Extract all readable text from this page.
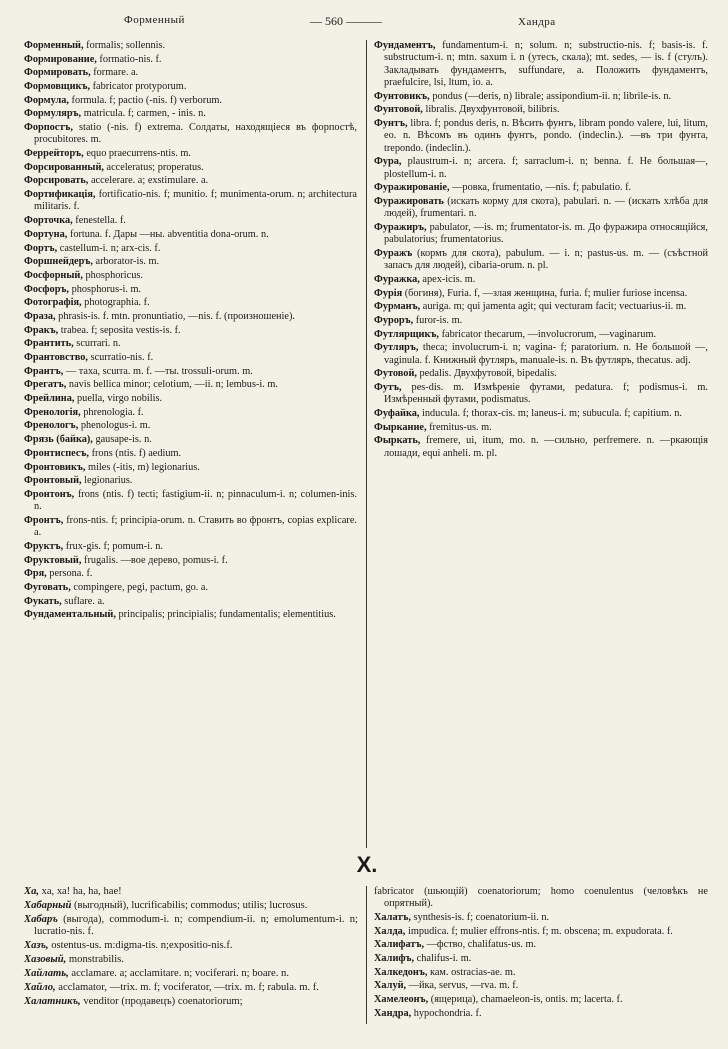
Форменный	— 560 ———	Хандра

Форменный, formalis; sollennis.

Формирование, formatio-nis. f.

Формировать, formare. a.

Формовщикъ, fabricator protyporum.

Формула, formula. f; pactio (-nis. f) verborum.

Формуляръ, matricula. f; carmen, - inis. n.

Форпостъ, statio (-nis. f) extrema. Солдаты, находящіеся въ форпостѣ, procubitores. m.

Феррейторъ, equo praecurrens-ntis. m.

Форсированный, acceleratus; properatus.

Форсировать, accelerare. a; exstimulare. a.

Фортификація, fortificatio-nis. f; munitio. f; munimenta-orum. n; architectura militaris. f.

Форточка, fenestella. f.

Фортуна, fortuna. f. Дары —ны. abventitia dona-orum. n.

Фортъ, castellum-i. n; arx-cis. f.

Форшнейдеръ, arborator-is. m.

Фосфорный, phosphoricus.

Фосфоръ, phosphorus-i. m.

Фотографія, photographia. f.

Фраза, phrasis-is. f. mtn. pronuntiatio, —nis. f. (произношеніе).

Фракъ, trabea. f; seposita vestis-is. f.

Франтить, scurrari. n.

Франтовство, scurratio-nis. f.

Франтъ, — таха, scurra. m. f. —ты. trossuli-orum. m.

Фрегатъ, navis bellica minor; celotium, —ii. n; lembus-i. m.

Фрейлина, puella, virgo nobilis.

Френологія, phrenologia. f.

Френологъ, phenologus-i. m.

Фрязь (байка), gausape-is. n.

Фронтиспесъ, frons (ntis. f) aedium.

Фронтовикъ, miles (-itis, m) legionarius.

Фронтовый, legionarius.

Фронтонъ, frons (ntis. f) tecti; fastigium-ii. n; pinnaculum-i. n; columen-inis. n.

Фронтъ, frons-ntis. f; principia-orum. n. Ставить во фронтъ, copias explicare. a.

Фруктъ, frux-gis. f; pomum-i. n.

Фруктовый, frugalis. —вое дерево, pomus-i. f.

Фря, persona. f.

Фуговать, compingere, pegi, pactum, go. a.

Фукать, suflare. a.

Фундаментальный, principalis; principialis; fundamentalis; elementitius.

Фундаментъ, fundamentum-i. n; solum. n; substructio-nis. f; basis-is. f. substructum-i. n; mtn. saxum i. n (утесъ, скала); mt. sedes, — is. f (стулъ). Закладывать фундаментъ, suffundare, a. Положить фундаментъ, praefulcire, lsi, ltum, io. a.

Фунтовикъ, pondus (—deris, n) librale; assipondium-ii. n; librile-is. n.

Фунтовой, libralis. Двухфунтовой, bilibris.

Фунтъ, libra. f; pondus deris, n. Вѣсить фунтъ, libram pondo valere, lui, litum, eo. n. Вѣсомъ въ одинъ фунтъ, pondo. (indeclin.). —въ три фунта, trepondo. (indeclin.).

Фура, plaustrum-i. n; arcera. f; sarraclum-i. n; benna. f. Не большая—, plostellum-i. n.

Фуражированіе, —ровка, frumentatio, —nis. f; pabulatio. f.

Фуражировать (искать корму для скота), pabulari. n. — (искать хлѣба для людей), frumentari. n.

Фуражиръ, pabulator, —is. m; frumentator-is. m. До фуражира относящійся, pabulatorius; frumentatorius.

Фуражъ (кормъ для скота), pabulum. — i. n; pastus-us. m. — (съѣстной запасъ для людей), cibaria-orum. n. pl.

Фуражка, apex-icis. m.

Фурія (богиня), Furia. f, —злая женщина, furia. f; mulier furiose incensa.

Фурманъ, auriga. m; qui jamenta agit; qui vecturam facit; vectuarius-ii. m.

Фуроръ, furor-is. m.

Футлярщикъ, fabricator thecarum, —involucrorum, —vaginarum.

Футляръ, theca; involucrum-i. n; vagina- f; paratorium. n. Не большой —, vaginula. f. Книжный футляръ, manuale-is. n. Въ футляръ, thecatus. adj.

Футовой, pedalis. Двухфутовой, bipedalis.

Футъ, pes-dis. m. Измѣреніе футами, pedatura. f; podismus-i. m. Измѣренный футами, podismatus.

Фуфайка, inducula. f; thorax-cis. m; laneus-i. m; subucula. f; capitium. n.

Фыркание, fremitus-us. m.

Фыркать, fremere, ui, itum, mo. n. —сильно, perfremere. n. —ркающія лошади, equi anheli. m. pl.

X.

Ха, ха, ха! ha, ha, hae!

Хабарный (выгодный), lucrificabilis; commodus; utilis; lucrosus.

Хабаръ (выгода), commodum-i. n; compendium-ii. n; emolumentum-i. n; lucratio-nis. f.

Хазъ, ostentus-us. m:digma-tis. n;expositio-nis.f.

Хазовый, monstrabilis.

Хайлать, acclamare. a; acclamitare. n; vociferari. n; boare. n.

Хайло, acclamator, —trix. m. f; vociferator, —trix. m. f; rabula. m. f.

Халатникъ, venditor (продавецъ) coenatoriorum;

fabricator (шьющій) coenatoriorum; homo coenulentus (человѣкъ не опрятный).

Халатъ, synthesis-is. f; coenatorium-ii. n.

Халда, impudica. f; mulier effrons-ntis. f; m. obscena; m. expudorata. f.

Халифатъ, —фство, chalifatus-us. m.

Халифъ, chalifus-i. m.

Халкедонъ, кам. ostracias-ae. m.

Халуй, —йка, servus, —rva. m. f.

Хамелеонъ, (ящерица), chamaeleon-is, ontis. m; lacerta. f.

Хандра, hypochondria. f.
